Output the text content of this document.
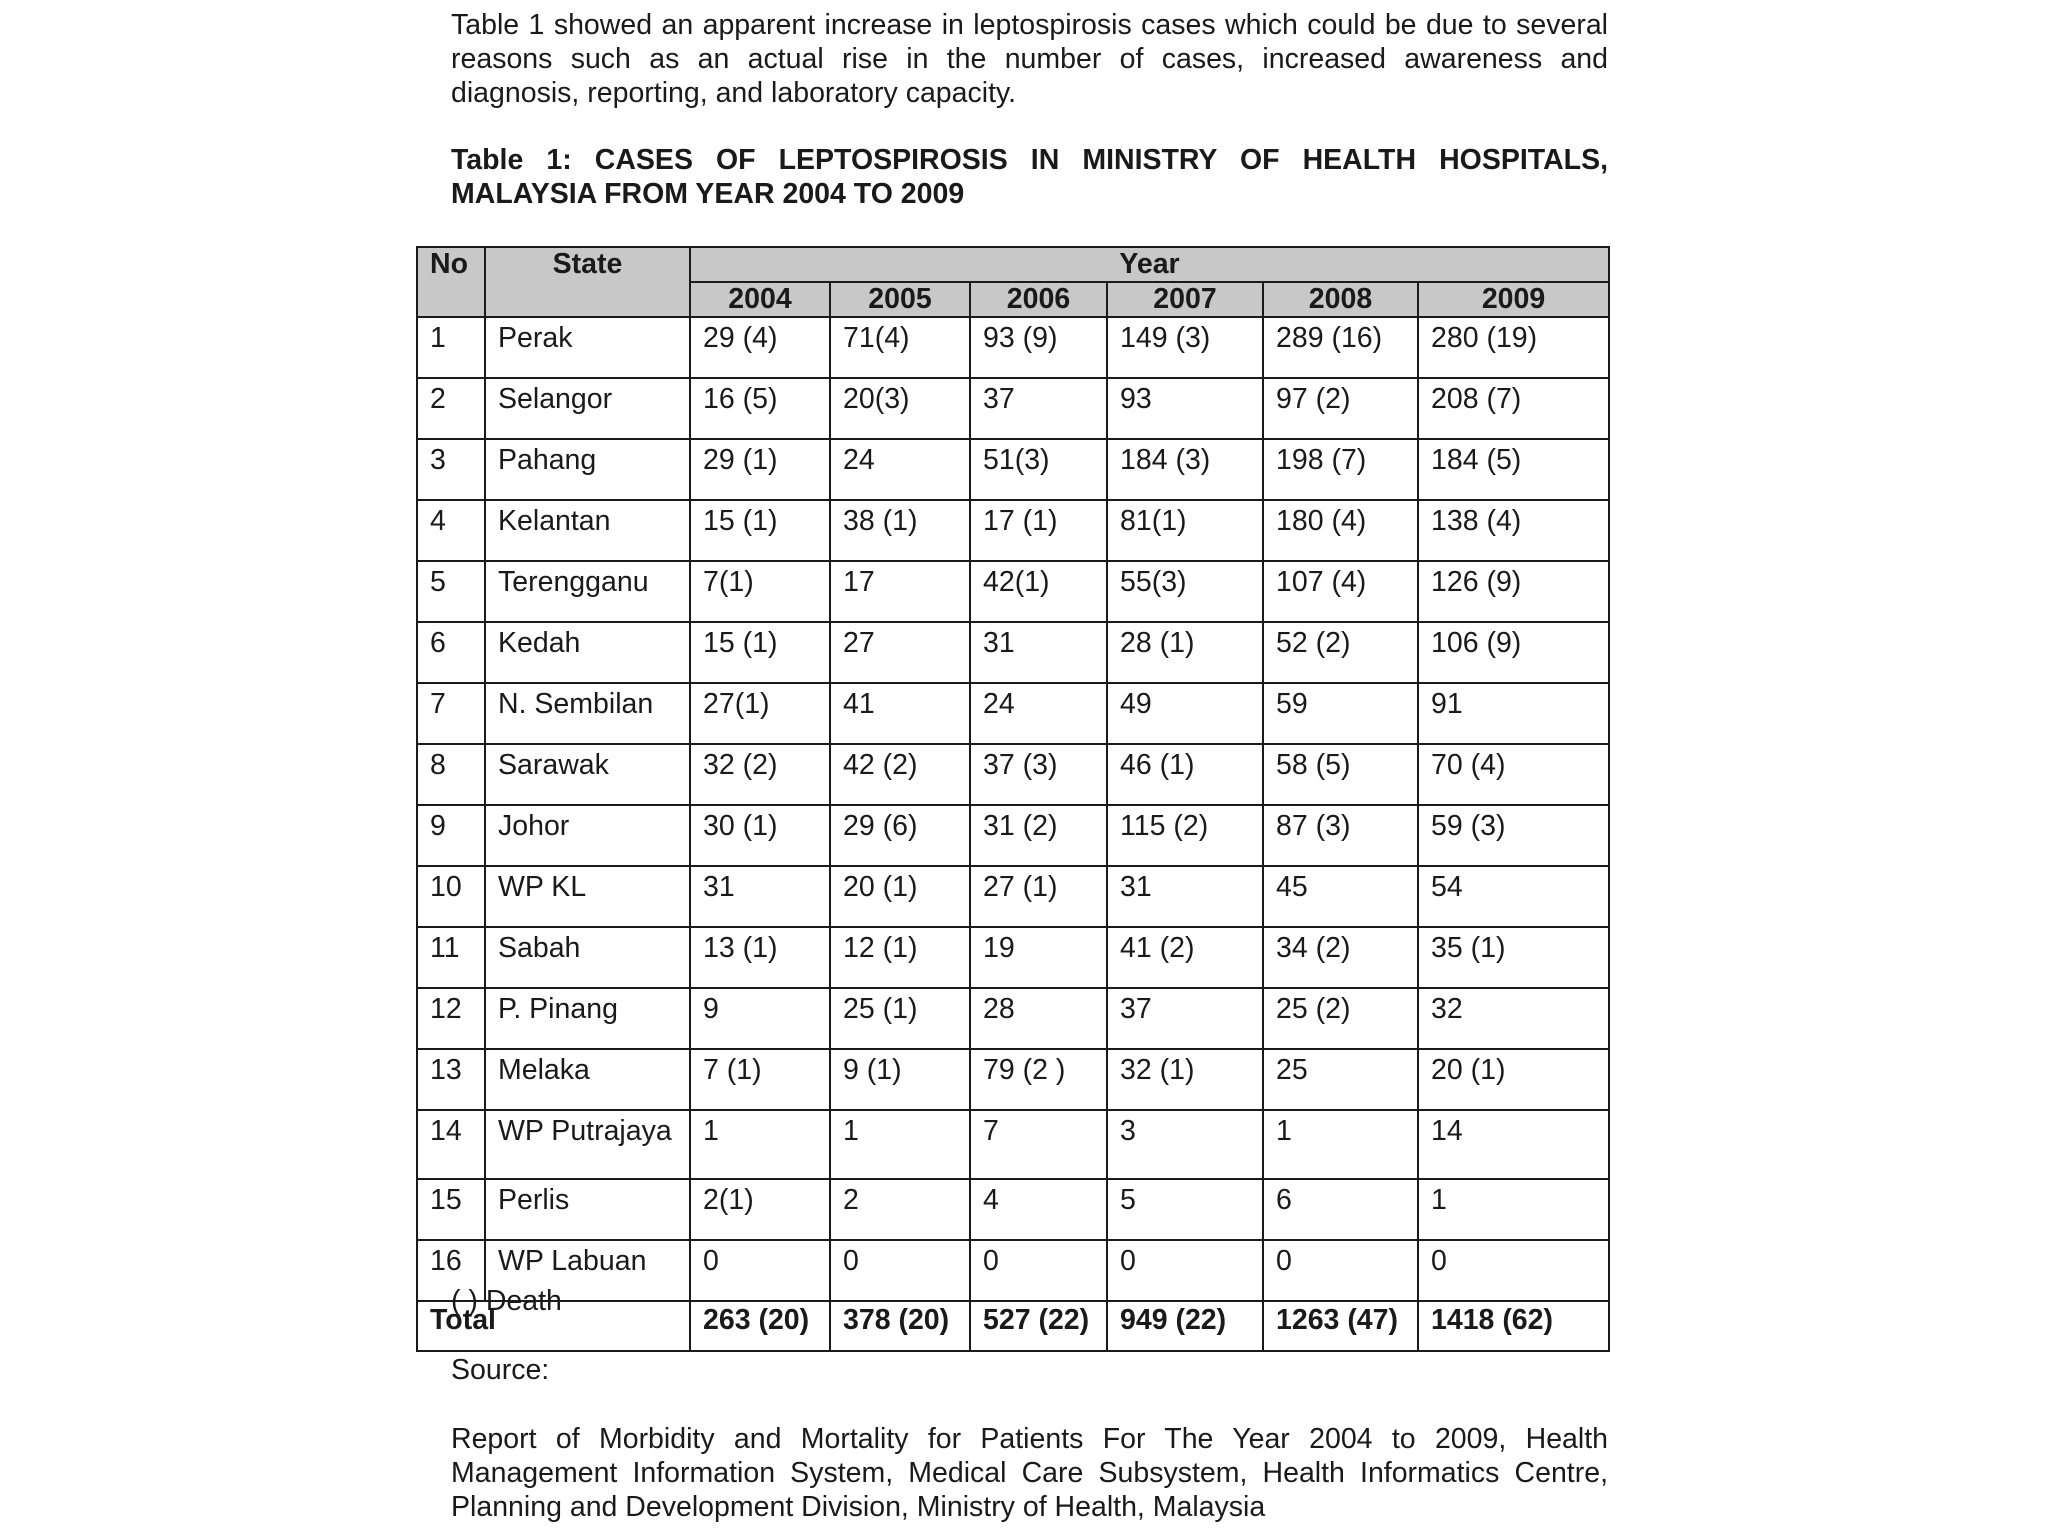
Table 1 showed an apparent increase in leptospirosis cases which could be due to several reasons such as an actual rise in the number of cases, increased awareness and diagnosis, reporting, and laboratory capacity.

Table 1: CASES OF LEPTOSPIROSIS IN MINISTRY OF HEALTH HOSPITALS, MALAYSIA FROM YEAR 2004 TO 2009

No	State	Year					
		2004	2005	2006	2007	2008	2009
1	Perak	29 (4)	71(4)	93 (9)	149 (3)	289 (16)	280 (19)
2	Selangor	16 (5)	20(3)	37	93	97 (2)	208 (7)
3	Pahang	29 (1)	24	51(3)	184 (3)	198 (7)	184 (5)
4	Kelantan	15 (1)	38 (1)	17 (1)	81(1)	180 (4)	138 (4)
5	Terengganu	7(1)	17	42(1)	55(3)	107 (4)	126 (9)
6	Kedah	15 (1)	27	31	28 (1)	52 (2)	106 (9)
7	N. Sembilan	27(1)	41	24	49	59	91
8	Sarawak	32 (2)	42 (2)	37 (3)	46 (1)	58 (5)	70 (4)
9	Johor	30 (1)	29 (6)	31 (2)	115 (2)	87 (3)	59 (3)
10	WP KL	31	20 (1)	27 (1)	31	45	54
11	Sabah	13 (1)	12 (1)	19	41 (2)	34 (2)	35 (1)
12	P. Pinang	9	25 (1)	28	37	25 (2)	32
13	Melaka	7 (1)	9 (1)	79 (2 )	32 (1)	25	20 (1)
14	WP Putrajaya	1	1	7	3	1	14
15	Perlis	2(1)	2	4	5	6	1
16	WP Labuan	0	0	0	0	0	0
Total		263 (20)	378 (20)	527 (22)	949 (22)	1263 (47)	1418 (62)

( ) Death

Source:

Report of Morbidity and Mortality for Patients For The Year 2004 to 2009, Health Management Information System, Medical Care Subsystem, Health Informatics Centre, Planning and Development Division, Ministry of Health, Malaysia
